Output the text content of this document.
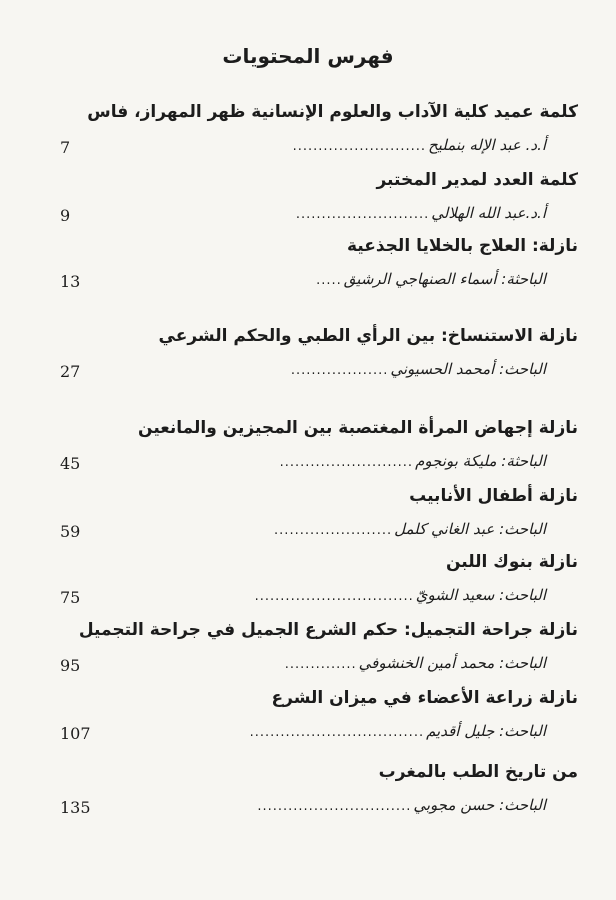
فهرس المحتويات
كلمة عميد كلية الآداب والعلوم الإنسانية ظهر المهراز، فاس
أ.د. عبد الإله بنمليح..........................
7
كلمة العدد لمدير المختبر
أ.د.عبد الله الهلالي..........................
9
نازلة: العلاج بالخلايا الجذعية
الباحثة: أسماء الصنهاجي الرشيق.....
13
نازلة الاستنساخ: بين الرأي الطبي والحكم الشرعي
الباحث: أمحمد الحسيوني...................
27
نازلة إجهاض المرأة المغتصبة بين المجيزين والمانعين
الباحثة: مليكة بونجوم..........................
45
نازلة أطفال الأنابيب
الباحث: عبد الغاني كلمل.......................
59
نازلة بنوك اللبن
الباحث: سعيد الشويّ...............................
75
نازلة جراحة التجميل: حكم الشرع الجميل في جراحة التجميل
الباحث: محمد أمين الخنشوفي..............
95
نازلة زراعة الأعضاء في ميزان الشرع
الباحث: جليل أقديم..................................
107
من تاريخ الطب بالمغرب
الباحث: حسن مجوبي..............................
135
